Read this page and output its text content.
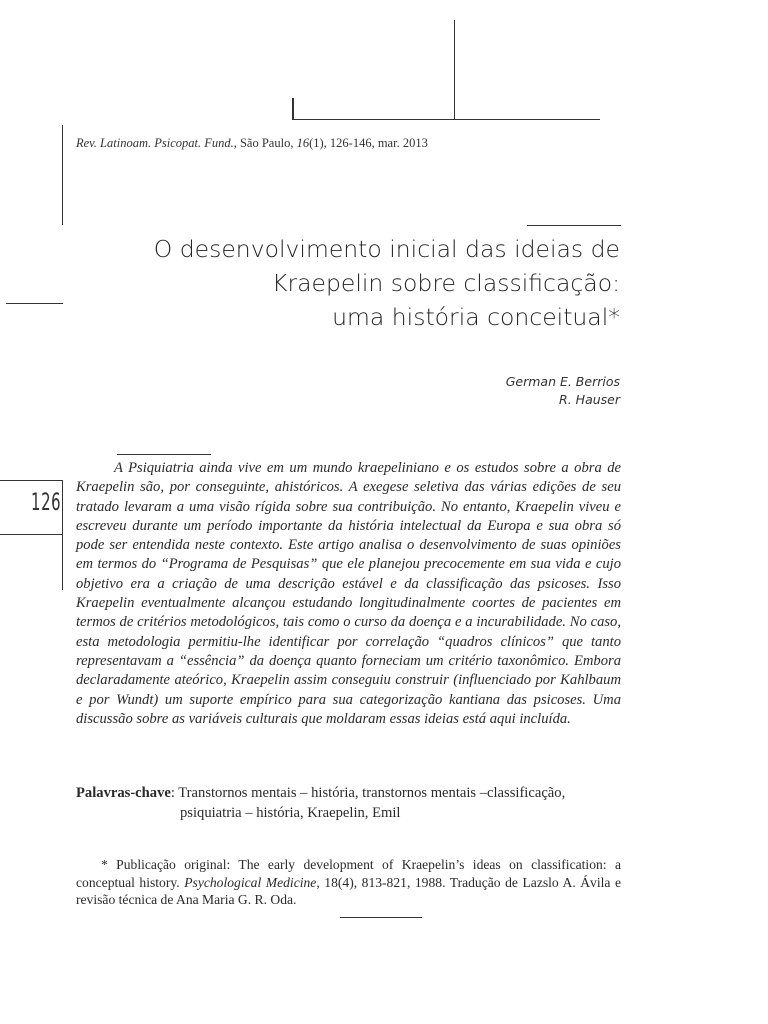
Rev. Latinoam. Psicopat. Fund., São Paulo, 16(1), 126-146, mar. 2013
O desenvolvimento inicial das ideias de
Kraepelin sobre classificação:
uma história conceitual*
German E. Berrios
R. Hauser
126
A Psiquiatria ainda vive em um mundo kraepeliniano e os estudos sobre a obra de Kraepelin são, por conseguinte, ahistóricos. A exegese seletiva das várias edições de seu tratado levaram a uma visão rígida sobre sua contribuição. No entanto, Kraepelin viveu e escreveu durante um período importante da história intelectual da Europa e sua obra só pode ser entendida neste contexto. Este artigo analisa o desenvolvimento de suas opiniões em termos do “Programa de Pesquisas” que ele planejou precocemente em sua vida e cujo objetivo era a criação de uma descrição estável e da classificação das psicoses. Isso Kraepelin eventualmente alcançou estudando longitudinalmente coortes de pacientes em termos de critérios metodológicos, tais como o curso da doença e a incurabilidade. No caso, esta metodologia permitiu-lhe identificar por correlação “quadros clínicos” que tanto representavam a “essência” da doença quanto forneciam um critério taxonômico. Embora declaradamente ateórico, Kraepelin assim conseguiu construir (influenciado por Kahlbaum e por Wundt) um suporte empírico para sua categorização kantiana das psicoses. Uma discussão sobre as variáveis culturais que moldaram essas ideias está aqui incluída.
Palavras-chave: Transtornos mentais – história, transtornos mentais –classificação,
psiquiatria – história, Kraepelin, Emil
* Publicação original: The early development of Kraepelin’s ideas on classification: a conceptual history. Psychological Medicine, 18(4), 813-821, 1988. Tradução de Lazslo A. Ávila e revisão técnica de Ana Maria G. R. Oda.
